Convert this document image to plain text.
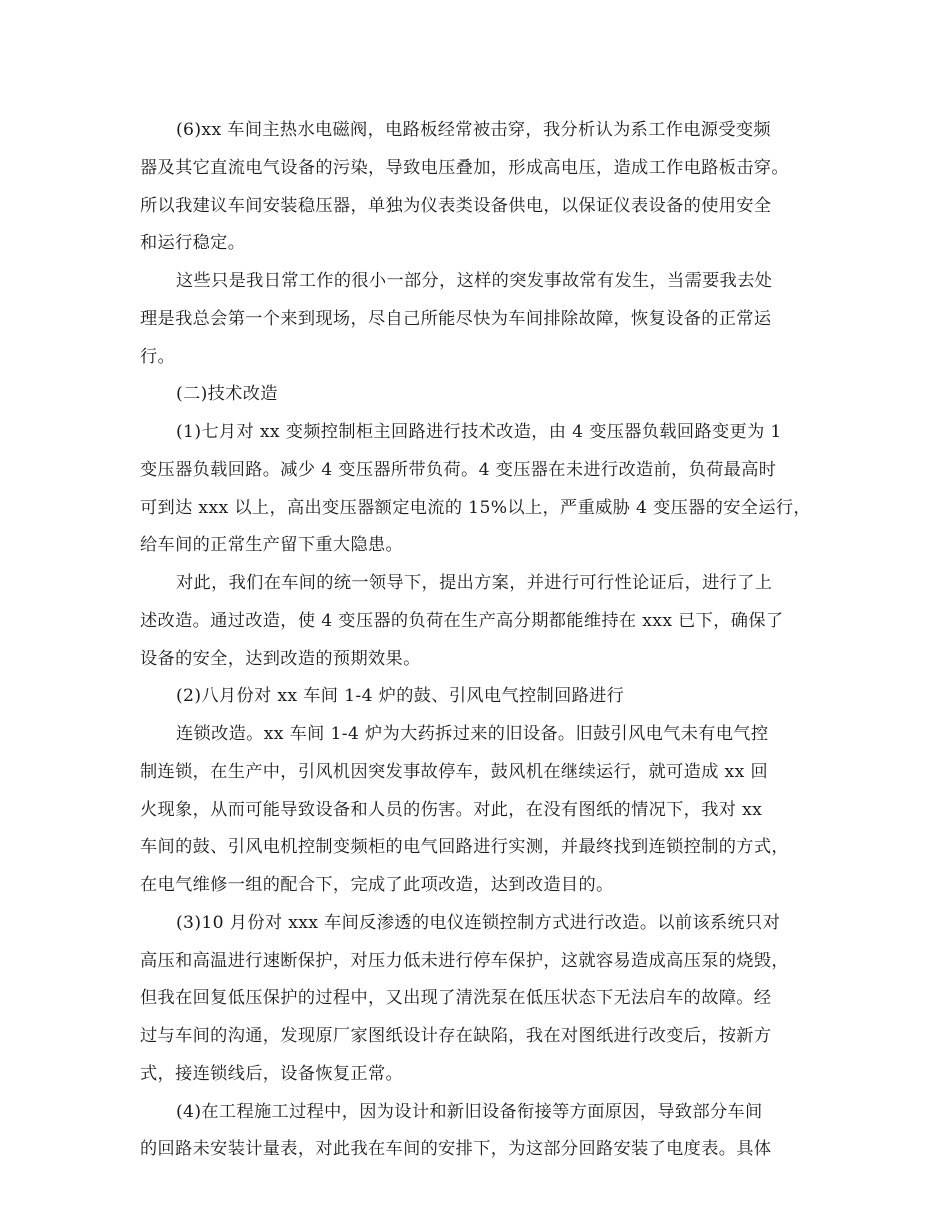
(6)xx 车间主热水电磁阀，电路板经常被击穿，我分析认为系工作电源受变频
器及其它直流电气设备的污染，导致电压叠加，形成高电压，造成工作电路板击穿。
所以我建议车间安装稳压器，单独为仪表类设备供电，以保证仪表设备的使用安全
和运行稳定。
这些只是我日常工作的很小一部分，这样的突发事故常有发生，当需要我去处
理是我总会第一个来到现场，尽自己所能尽快为车间排除故障，恢复设备的正常运
行。
(二)技术改造
(1)七月对 xx 变频控制柜主回路进行技术改造，由 4 变压器负载回路变更为 1
变压器负载回路。减少 4 变压器所带负荷。4 变压器在未进行改造前，负荷最高时
可到达 xxx 以上，高出变压器额定电流的 15%以上，严重威胁 4 变压器的安全运行，
给车间的正常生产留下重大隐患。
对此，我们在车间的统一领导下，提出方案，并进行可行性论证后，进行了上
述改造。通过改造，使 4 变压器的负荷在生产高分期都能维持在 xxx 已下，确保了
设备的安全，达到改造的预期效果。
(2)八月份对 xx 车间 1-4 炉的鼓、引风电气控制回路进行
连锁改造。xx 车间 1-4 炉为大药拆过来的旧设备。旧鼓引风电气未有电气控
制连锁，在生产中，引风机因突发事故停车，鼓风机在继续运行，就可造成 xx 回
火现象，从而可能导致设备和人员的伤害。对此，在没有图纸的情况下，我对 xx
车间的鼓、引风电机控制变频柜的电气回路进行实测，并最终找到连锁控制的方式，
在电气维修一组的配合下，完成了此项改造，达到改造目的。
(3)10 月份对 xxx 车间反渗透的电仪连锁控制方式进行改造。以前该系统只对
高压和高温进行速断保护，对压力低未进行停车保护，这就容易造成高压泵的烧毁，
但我在回复低压保护的过程中，又出现了清洗泵在低压状态下无法启车的故障。经
过与车间的沟通，发现原厂家图纸设计存在缺陷，我在对图纸进行改变后，按新方
式，接连锁线后，设备恢复正常。
(4)在工程施工过程中，因为设计和新旧设备衔接等方面原因，导致部分车间
的回路未安装计量表，对此我在车间的安排下，为这部分回路安装了电度表。具体
